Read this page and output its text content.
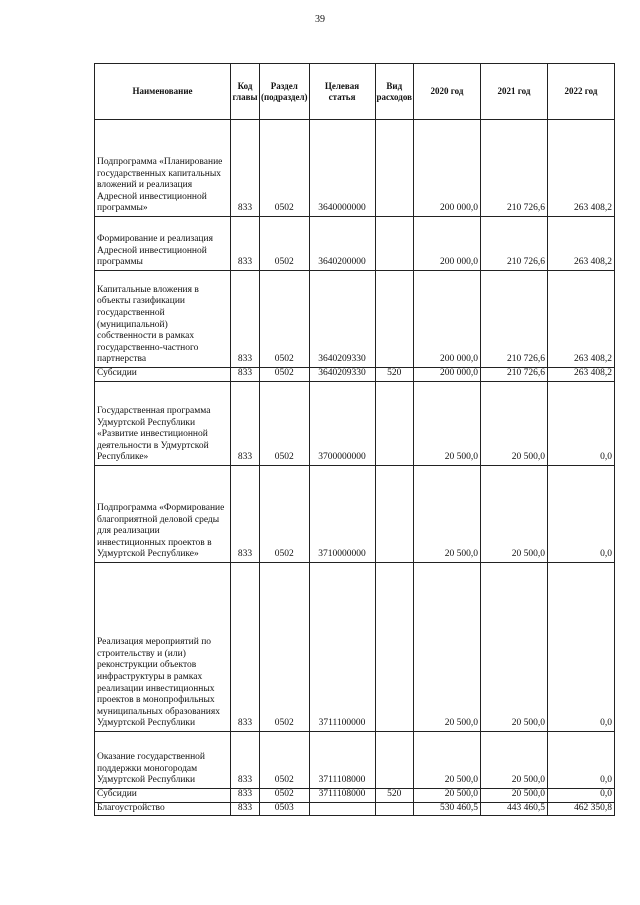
39
Наименование	Код главы	Раздел (подраздел)	Целевая статья	Вид расходов	2020 год	2021 год	2022 год
Подпрограмма «Планирование государственных капитальных вложений и реализация Адресной инвестиционной программы»	833	0502	3640000000		200 000,0	210 726,6	263 408,2
Формирование и реализация Адресной инвестиционной программы	833	0502	3640200000		200 000,0	210 726,6	263 408,2
Капитальные вложения в объекты газификации государственной (муниципальной) собственности в рамках государственно-частного партнерства	833	0502	3640209330		200 000,0	210 726,6	263 408,2
Субсидии	833	0502	3640209330	520	200 000,0	210 726,6	263 408,2
Государственная программа Удмуртской Республики «Развитие инвестиционной деятельности в Удмуртской Республике»	833	0502	3700000000		20 500,0	20 500,0	0,0
Подпрограмма «Формирование благоприятной деловой среды для реализации инвестиционных проектов в Удмуртской Республике»	833	0502	3710000000		20 500,0	20 500,0	0,0
Реализация мероприятий по строительству и (или) реконструкции объектов инфраструктуры в рамках реализации инвестиционных проектов в монопрофильных муниципальных образованиях Удмуртской Республики	833	0502	3711100000		20 500,0	20 500,0	0,0
Оказание государственной поддержки моногородам Удмуртской Республики	833	0502	3711108000		20 500,0	20 500,0	0,0
Субсидии	833	0502	3711108000	520	20 500,0	20 500,0	0,0
Благоустройство	833	0503			530 460,5	443 460,5	462 350,8
